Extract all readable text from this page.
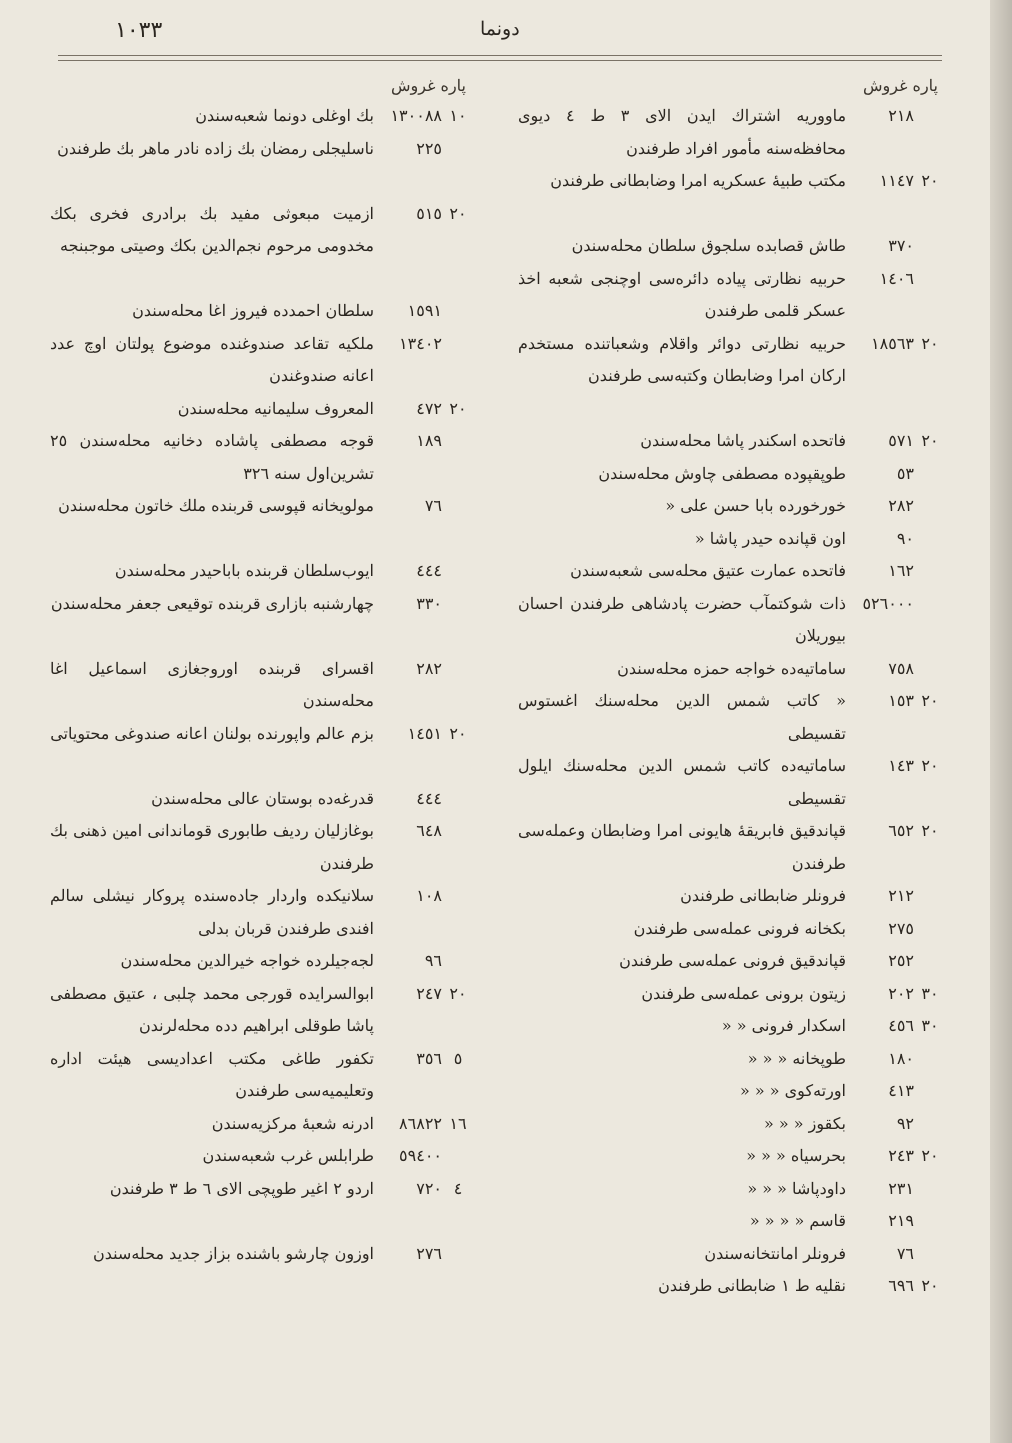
١٠٣٣	دونما
پاره غروش
٢١٨
ماووريه اشتراك ايدن الاى ٣ ط ٤ ديوى محافظه‌سنه مأمور افراد طرفندن
٢٠
١١٤٧
مكتب طبيهٔ عسكريه امرا وضابطانى طرفندن
٣٧٠
طاش قصابده سلجوق سلطان محله‌سندن
١٤٠٦
حربيه نظارتى پياده دائره‌سى اوچنجى شعبه اخذ عسكر قلمى طرفندن
٢٠
١٨٥٦٣
حربيه نظارتى دوائر واقلام وشعباتنده مستخدم اركان امرا وضابطان وكتبه‌سى طرفندن
٢٠
٥٧١
فاتحده اسكندر پاشا محله‌سندن
٥٣
طوپقپوده مصطفى چاوش محله‌سندن
٢٨٢
خورخورده بابا حسن على «
٩٠
اون قپانده حيدر پاشا «
١٦٢
فاتحده عمارت عتيق محله‌سى شعبه‌سندن
٥٢٦٠٠٠
ذات شوكتمآب حضرت پادشاهى طرفندن احسان بيوريلان
٧٥٨
ساماتيه‌ده خواجه حمزه محله‌سندن
٢٠
١٥٣
« كاتب شمس الدين محله‌سنك اغستوس تقسيطى
٢٠
١٤٣
ساماتيه‌ده كاتب شمس الدين محله‌سنك ايلول تقسيطى
٢٠
٦٥٢
قپاندقيق فابريقهٔ هايونى امرا وضابطان وعمله‌سى طرفندن
٢١٢
فرونلر ضابطانى طرفندن
٢٧٥
بكخانه فرونى عمله‌سى طرفندن
٢٥٢
قپاندقيق فرونى عمله‌سى طرفندن
٣٠
٢٠٢
زيتون برونى عمله‌سى طرفندن
٣٠
٤٥٦
اسكدار فرونى « «
١٨٠
طوپخانه « « «
٤١٣
اورته‌كوى « « «
٩٢
بكقوز « « «
٢٠
٢٤٣
بحرسياه « « «
٢٣١
داودپاشا « « «
٢١٩
قاسم « « « «
٧٦
فرونلر امانتخانه‌سندن
٢٠
٦٩٦
نقليه ط ١ ضابطانى طرفندن
پاره غروش
١٠
١٣٠٠٨٨
بك اوغلى دونما شعبه‌سندن
٢٢٥
ناسليجلى رمضان بك زاده نادر ماهر بك طرفندن
٢٠
٥١٥
ازميت مبعوثى مفيد بك برادرى فخرى بكك مخدومى مرحوم نجم‌الدين بكك وصيتى موجبنجه
١٥٩١
سلطان احمدده فيروز اغا محله‌سندن
١٣٤٠٢
ملكيه تقاعد صندوغنده موضوع پولتان اوچ عدد اعانه صندوغندن
٢٠
٤٧٢
المعروف سليمانيه محله‌سندن
١٨٩
قوجه مصطفى پاشاده دخانيه محله‌سندن ٢٥ تشرين‌اول سنه ٣٢٦
٧٦
مولويخانه قپوسى قربنده ملك خاتون محله‌سندن
٤٤٤
ايوب‌سلطان قربنده باباحيدر محله‌سندن
٣٣٠
چهارشنبه بازارى قربنده توقيعى جعفر محله‌سندن
٢٨٢
اقسراى قربنده اوروجغازى اسماعيل اغا محله‌سندن
٢٠
١٤٥١
بزم عالم واپورنده بولنان اعانه صندوغى محتوياتى
٤٤٤
قدرغه‌ده بوستان عالى محله‌سندن
٦٤٨
بوغازليان رديف طابورى قوماندانى امين ذهنى بك طرفندن
١٠٨
سلانيكده واردار جاده‌سنده پروكار نيشلى سالم افندى طرفندن قربان بدلى
٩٦
لجه‌جيلرده خواجه خيرالدين محله‌سندن
٢٠
٢٤٧
ابوالسرايده قورجى محمد چلبى ، عتيق مصطفى پاشا طوقلى ابراهيم دده محله‌لرندن
٥
٣٥٦
تكفور طاغى مكتب اعداديسى هيئت اداره وتعليميه‌سى طرفندن
١٦
٨٦٨٢٢
ادرنه شعبهٔ مركزيه‌سندن
٥٩٤٠٠
طرابلس غرب شعبه‌سندن
٤
٧٢٠
اردو ٢ اغير طوپچى الاى ٦ ط ٣ طرفندن
٢٧٦
اوزون چارشو باشنده بزاز جديد محله‌سندن
